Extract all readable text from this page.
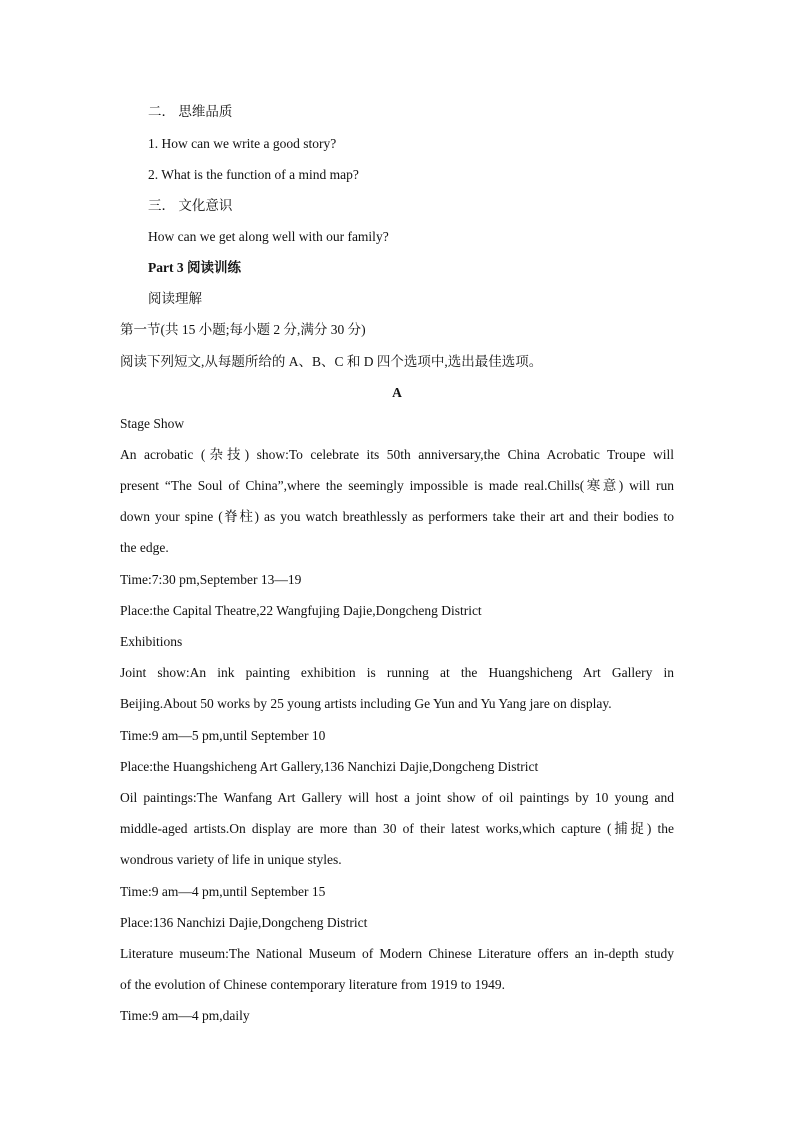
二． 思维品质
1. How can we write a good story?
2. What is the function of a mind map?
三． 文化意识
How can we get along well with our family?
Part 3 阅读训练
阅读理解
第一节(共 15 小题;每小题 2 分,满分 30 分)
阅读下列短文,从每题所给的 A、B、C 和 D 四个选项中,选出最佳选项。
A
Stage Show
An acrobatic (杂技) show:To celebrate its 50th anniversary,the China Acrobatic Troupe will
present “The Soul of China”,where the seemingly impossible is made real.Chills(寒意) will run
down your spine (脊柱) as you watch breathlessly as performers take their art and their bodies to
the edge.
Time:7:30 pm,September 13—19
Place:the Capital Theatre,22 Wangfujing Dajie,Dongcheng District
Exhibitions
Joint show:An ink painting exhibition is running at the Huangshicheng Art Gallery in
Beijing.About 50 works by 25 young artists including Ge Yun and Yu Yang jare on display.
Time:9 am—5 pm,until September 10
Place:the Huangshicheng Art Gallery,136 Nanchizi Dajie,Dongcheng District
Oil paintings:The Wanfang Art Gallery will host a joint show of oil paintings by 10 young and
middle-aged artists.On display are more than 30 of their latest works,which capture (捕捉) the
wondrous variety of life in unique styles.
Time:9 am—4 pm,until September 15
Place:136 Nanchizi Dajie,Dongcheng District
Literature museum:The National Museum of Modern Chinese Literature offers an in-depth study
of the evolution of Chinese contemporary literature from 1919 to 1949.
Time:9 am—4 pm,daily
